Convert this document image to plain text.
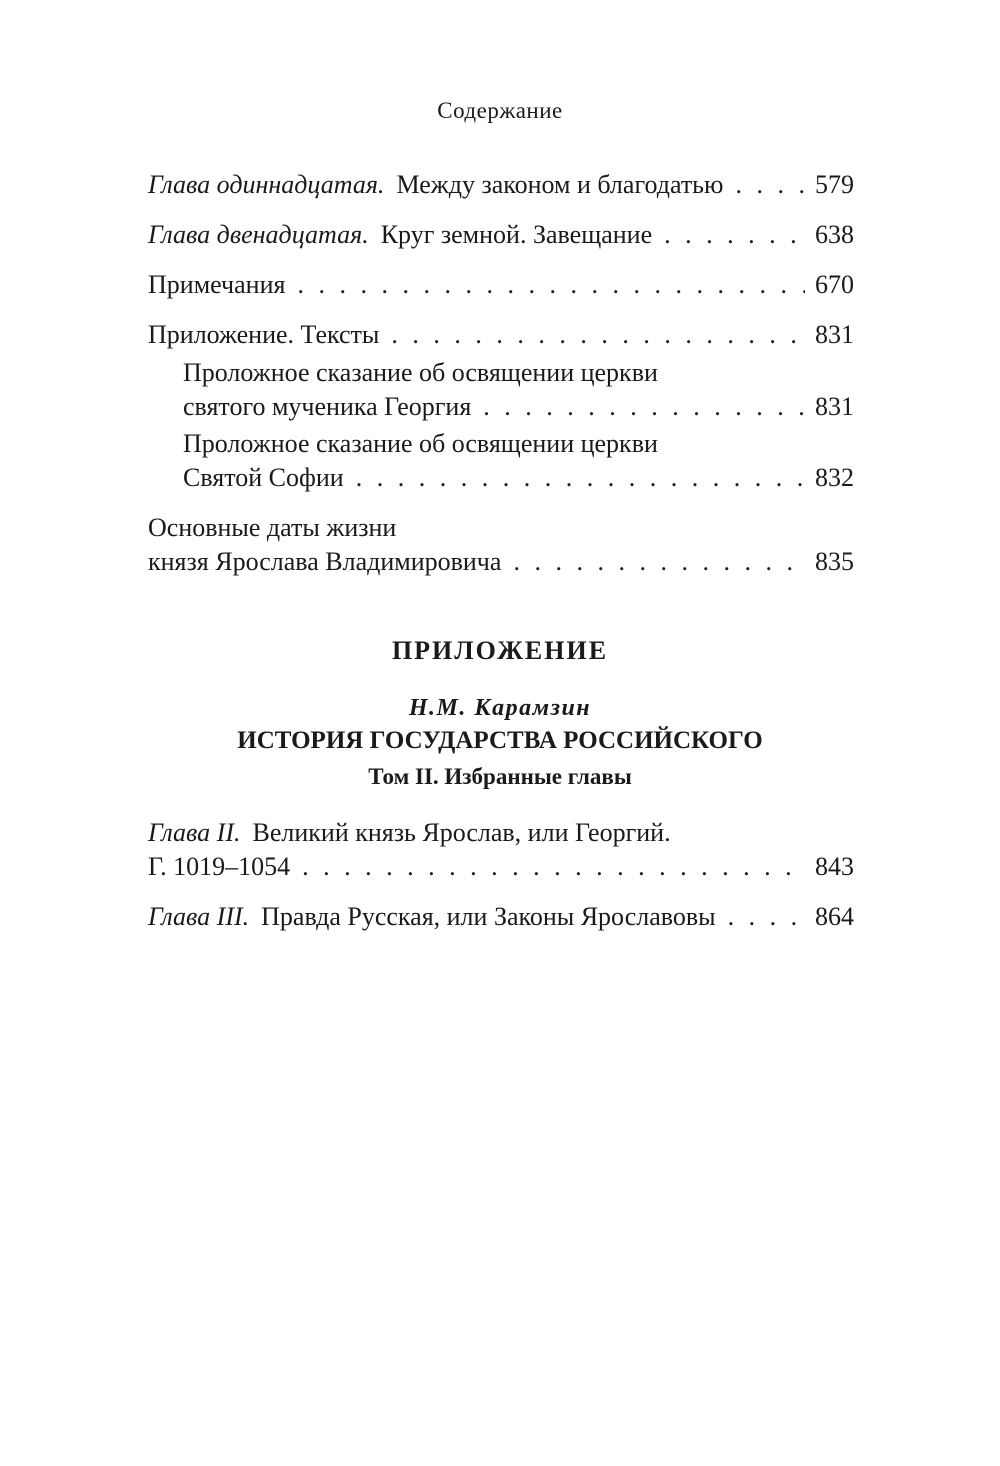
Содержание
Глава одиннадцатая. Между законом и благодатью . . .	579
Глава двенадцатая. Круг земной. Завещание . . .	638
Примечания . . .	670
Приложение. Тексты . . .	831
Проложное сказание об освящении церкви
святого мученика Георгия . . .	831
Проложное сказание об освящении церкви
Святой Софии . . .	832
Основные даты жизни
князя Ярослава Владимировича . . .	835
ПРИЛОЖЕНИЕ
Н.М. Карамзин
ИСТОРИЯ ГОСУДАРСТВА РОССИЙСКОГО
Том II. Избранные главы
Глава II. Великий князь Ярослав, или Георгий.
Г. 1019–1054 . . .	843
Глава III. Правда Русская, или Законы Ярославовы . . .	864
